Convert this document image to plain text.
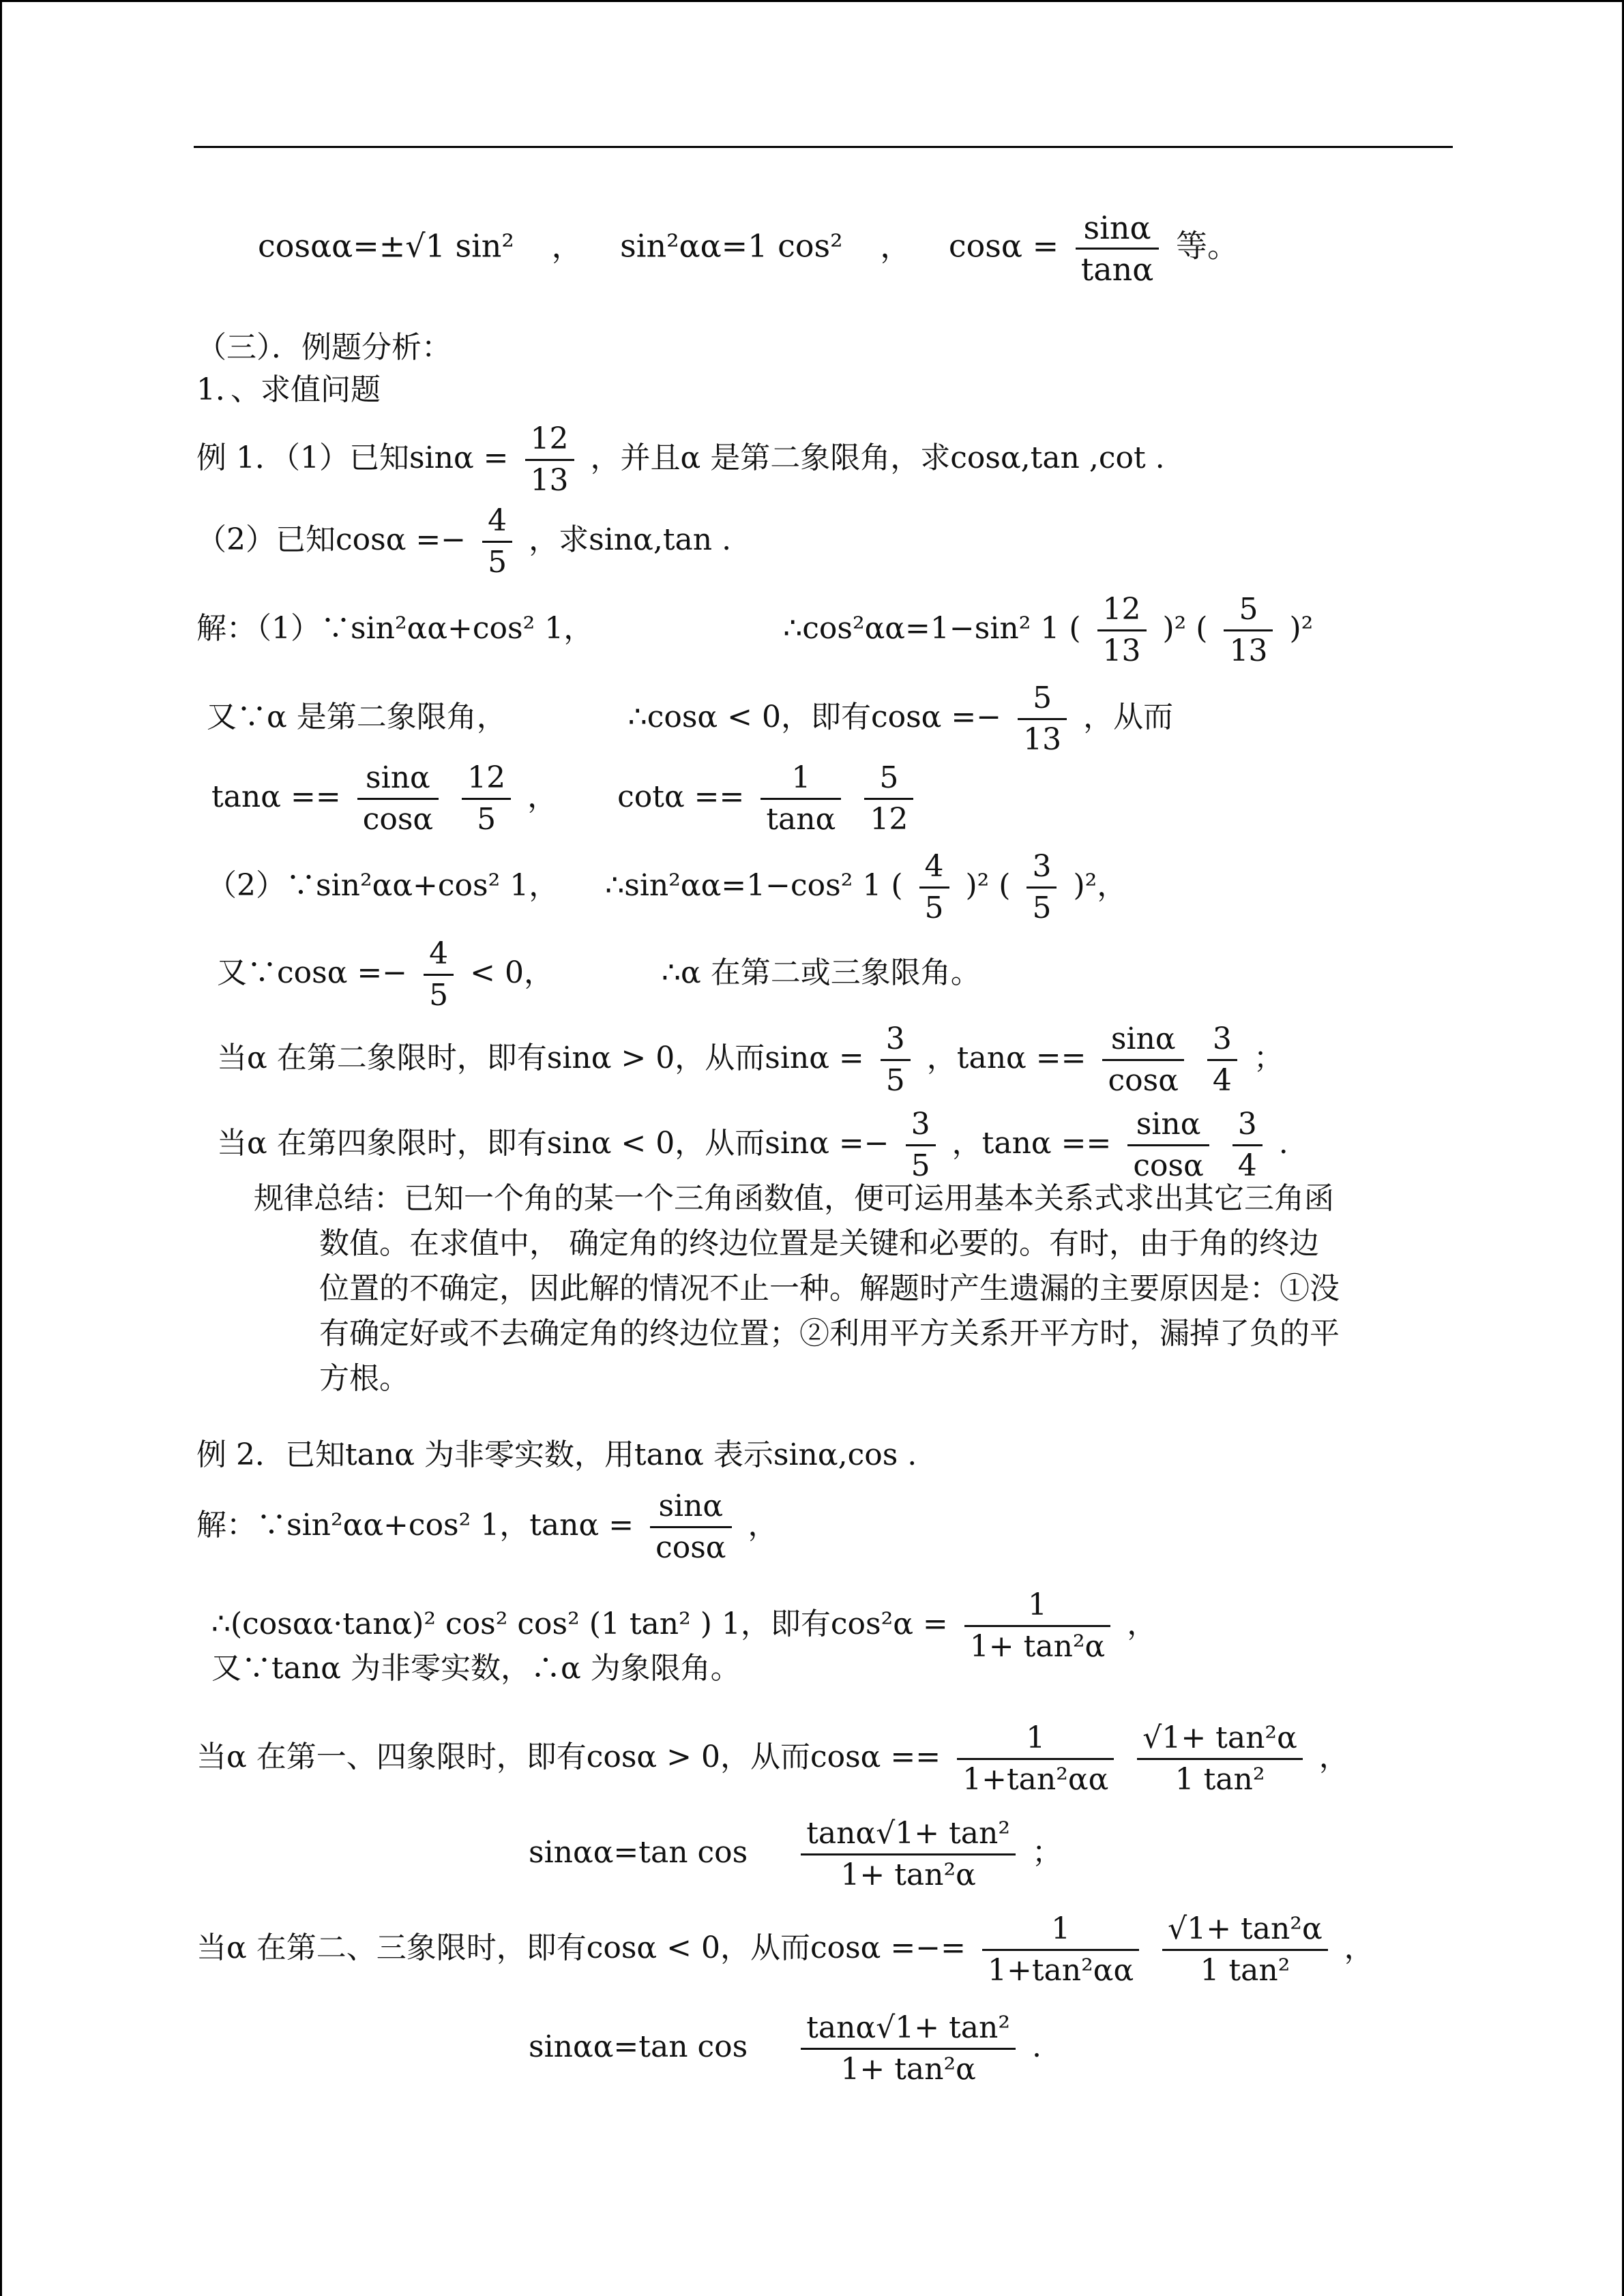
cosαα=±√1 sin² ， sin²αα=1 cos² ， $\cos\alpha = \frac{\sin\alpha}{\tan\alpha}$ 等。
（三）．例题分析：
1．、求值问题
例 1．（1）已知$\sin\alpha = \frac{12}{13}$ ，并且α 是第二象限角，求cosα,tan ,cot .
（2）已知$\cos\alpha =- \frac{4}{5}$ ，求sinα,tan .
解：（1）∵sin²αα+cos² 1，	∴cos²αα=1−sin² 1 ( $\frac{12}{13} )^2$ ( $\frac{5}{13} )^2$
又∵α 是第二象限角，	∴cosα < 0，即有$\cos\alpha =- \frac{5}{13}$ ，从而
$\tan\alpha == \frac{\sin\alpha}{\cos\alpha}$
$\frac{12}{5}$ ， $\cot\alpha == \frac{1}{\tan\alpha}$
$\frac{5}{12}$
（2）∵sin²αα+cos² 1， ∴sin²αα=1−cos² 1 ( $\frac{4}{5} )^2$ ( $\frac{3}{5} )^2$，
又∵cosα =− $\frac{4}{5} < 0$，	∴α 在第二或三象限角。
当α 在第二象限时，即有sinα > 0，从而$\sin\alpha = \frac{3}{5}$ ，$\tan\alpha == \frac{\sin\alpha}{\cos\alpha}$
$\frac{3}{4}$ ；
当α 在第四象限时，即有sinα < 0，从而$\sin\alpha =- \frac{3}{5}$ ，$\tan\alpha == \frac{\sin\alpha}{\cos\alpha}$
$\frac{3}{4}$ .
规律总结：已知一个角的某一个三角函数值，便可运用基本关系式求出其它三角函
数值。在求值中， 确定角的终边位置是关键和必要的。有时，由于角的终边
位置的不确定，因此解的情况不止一种。解题时产生遗漏的主要原因是：①没
有确定好或不去确定角的终边位置；②利用平方关系开平方时，漏掉了负的平
方根。
例 2．已知tanα 为非零实数，用tanα 表示sinα,cos .
解：∵sin²αα+cos² 1，$\tan\alpha = \frac{\sin\alpha}{\cos\alpha}$ ，
∴(cosαα·tanα)² cos² cos² (1 tan² ) 1，即有$\cos^2\alpha = \frac{1}{\text{1+ tan²α}}$ ，
又∵tanα 为非零实数，∴α 为象限角。
当α 在第一、四象限时，即有cosα > 0，从而$\cos\alpha == \frac{1}{\text{1+tan²αα}}$
$\frac{\text{√1+ tan²α}}{\text{1 tan²}}$ ，
sinαα=tan $\cos \frac{\text{tanα√1+ tan²}}{\text{1+ tan²α}}$ ；
当α 在第二、三象限时，即有cosα < 0，从而cosα =−= $\frac{1}{\text{1+tan²αα}}$
$\frac{\text{√1+ tan²α}}{\text{1 tan²}}$ ，
sinαα=tan $\cos \frac{\text{tanα√1+ tan²}}{\text{1+ tan²α}}$ .
